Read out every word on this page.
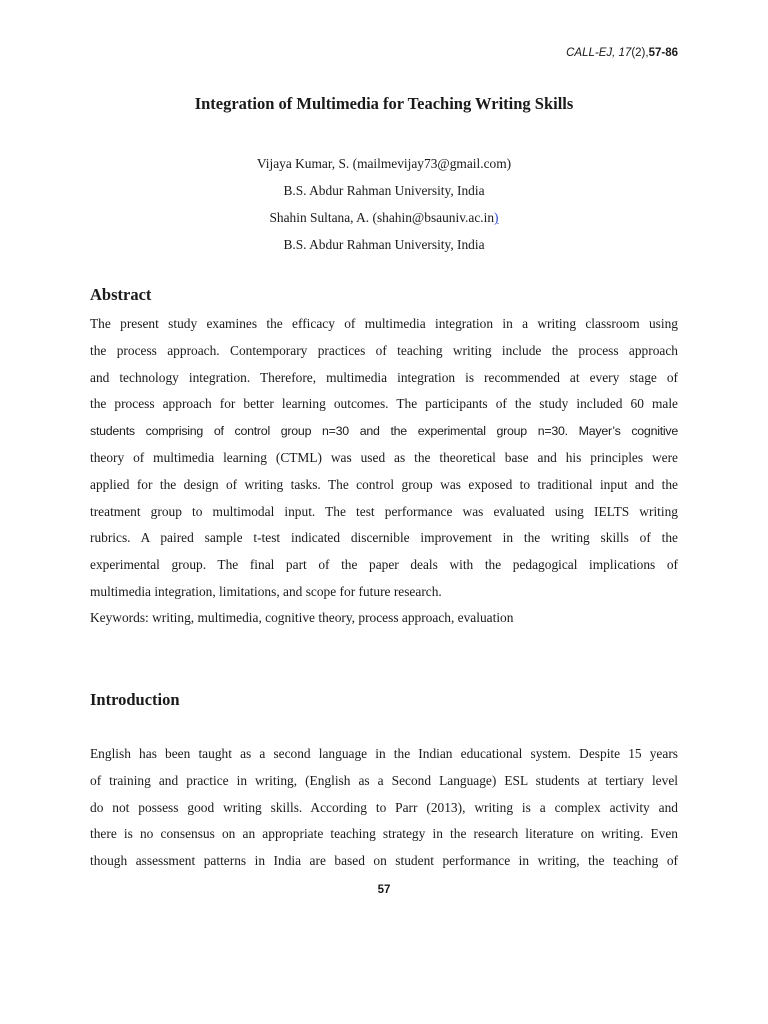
CALL-EJ, 17(2),57-86
Integration of Multimedia for Teaching Writing Skills
Vijaya Kumar, S. (mailmevijay73@gmail.com)
B.S. Abdur Rahman University, India
Shahin Sultana, A. (shahin@bsauniv.ac.in)
B.S. Abdur Rahman University, India
Abstract
The present study examines the efficacy of multimedia integration in a writing classroom using
the process approach. Contemporary practices of teaching writing include the process approach
and technology integration. Therefore, multimedia integration is recommended at every stage of
the process approach for better learning outcomes. The participants of the study included 60 male
students comprising of control group n=30 and the experimental group n=30. Mayer’s cognitive
theory of multimedia learning (CTML) was used as the theoretical base and his principles were
applied for the design of writing tasks. The control group was exposed to traditional input and the
treatment group to multimodal input. The test performance was evaluated using IELTS writing
rubrics. A paired sample t-test indicated discernible improvement in the writing skills of the
experimental group. The final part of the paper deals with the pedagogical implications of
multimedia integration, limitations, and scope for future research.
Keywords: writing, multimedia, cognitive theory, process approach, evaluation
Introduction
English has been taught as a second language in the Indian educational system. Despite 15 years
of training and practice in writing, (English as a Second Language) ESL students at tertiary level
do not possess good writing skills. According to Parr (2013), writing is a complex activity and
there is no consensus on an appropriate teaching strategy in the research literature on writing. Even
though assessment patterns in India are based on student performance in writing, the teaching of
57
